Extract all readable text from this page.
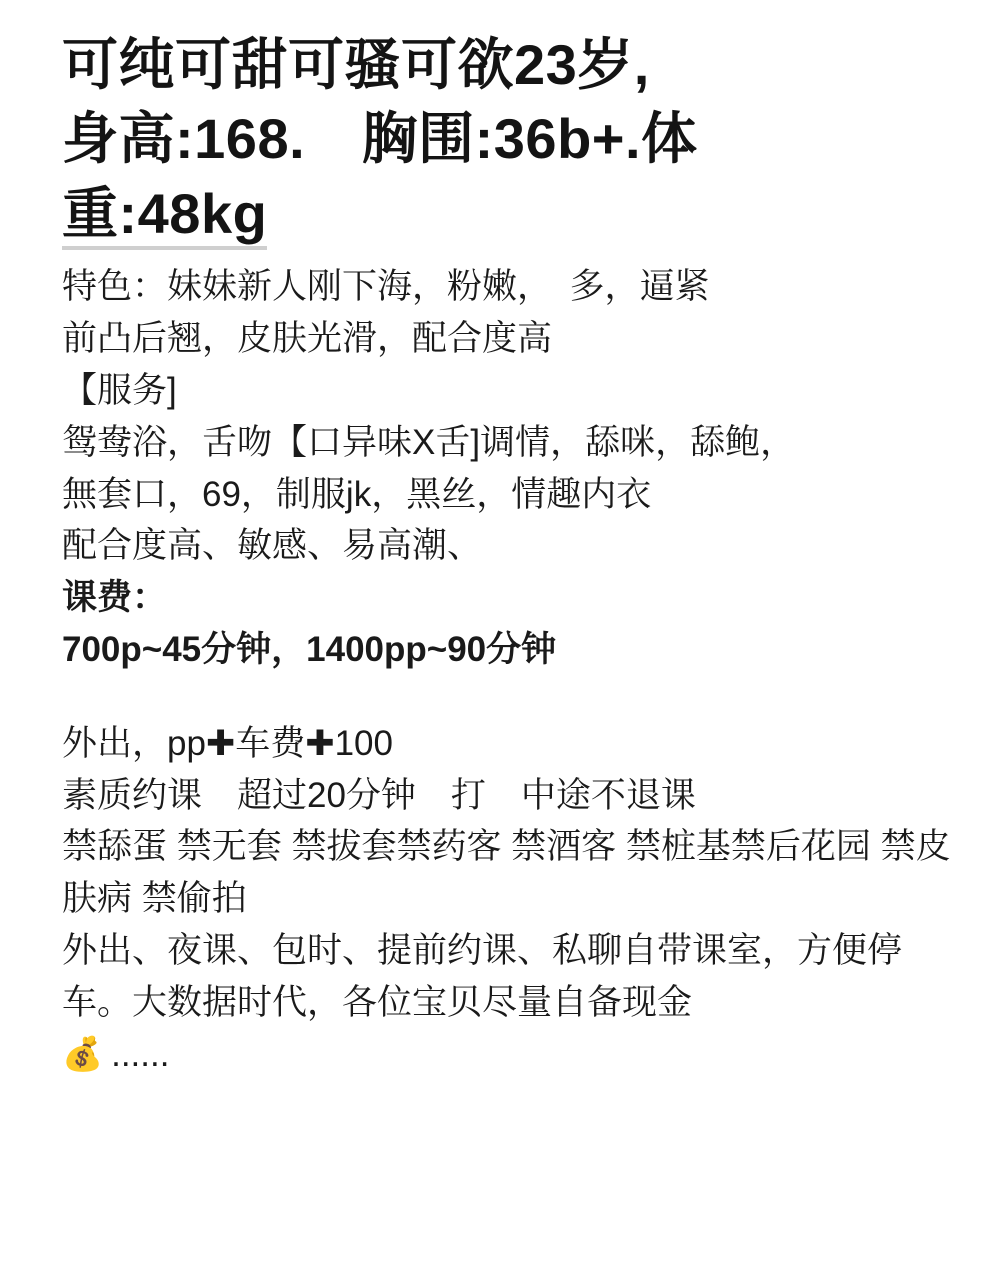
可纯可甜可骚可欲23岁,
身高:168.　胸围:36b+.体
重:48kg
特色：妹妹新人刚下海，粉嫩，　多，逼紧
前凸后翘，皮肤光滑，配合度高
【服务]
鸳鸯浴，舌吻【口异味X舌]调情，舔咪，舔鲍，
無套口，69，制服jk，黑丝，情趣内衣
配合度高、敏感、易高潮、
课费：
700p~45分钟，1400pp~90分钟
外出，pp✚车费✚100
素质约课　超过20分钟　打　中途不退课
禁舔蛋 禁无套 禁拔套禁药客 禁酒客 禁桩基禁后花园 禁皮肤病 禁偷拍
外出、夜课、包时、提前约课、私聊自带课室，方便停车。大数据时代，各位宝贝尽量自备现金
💰 ......
